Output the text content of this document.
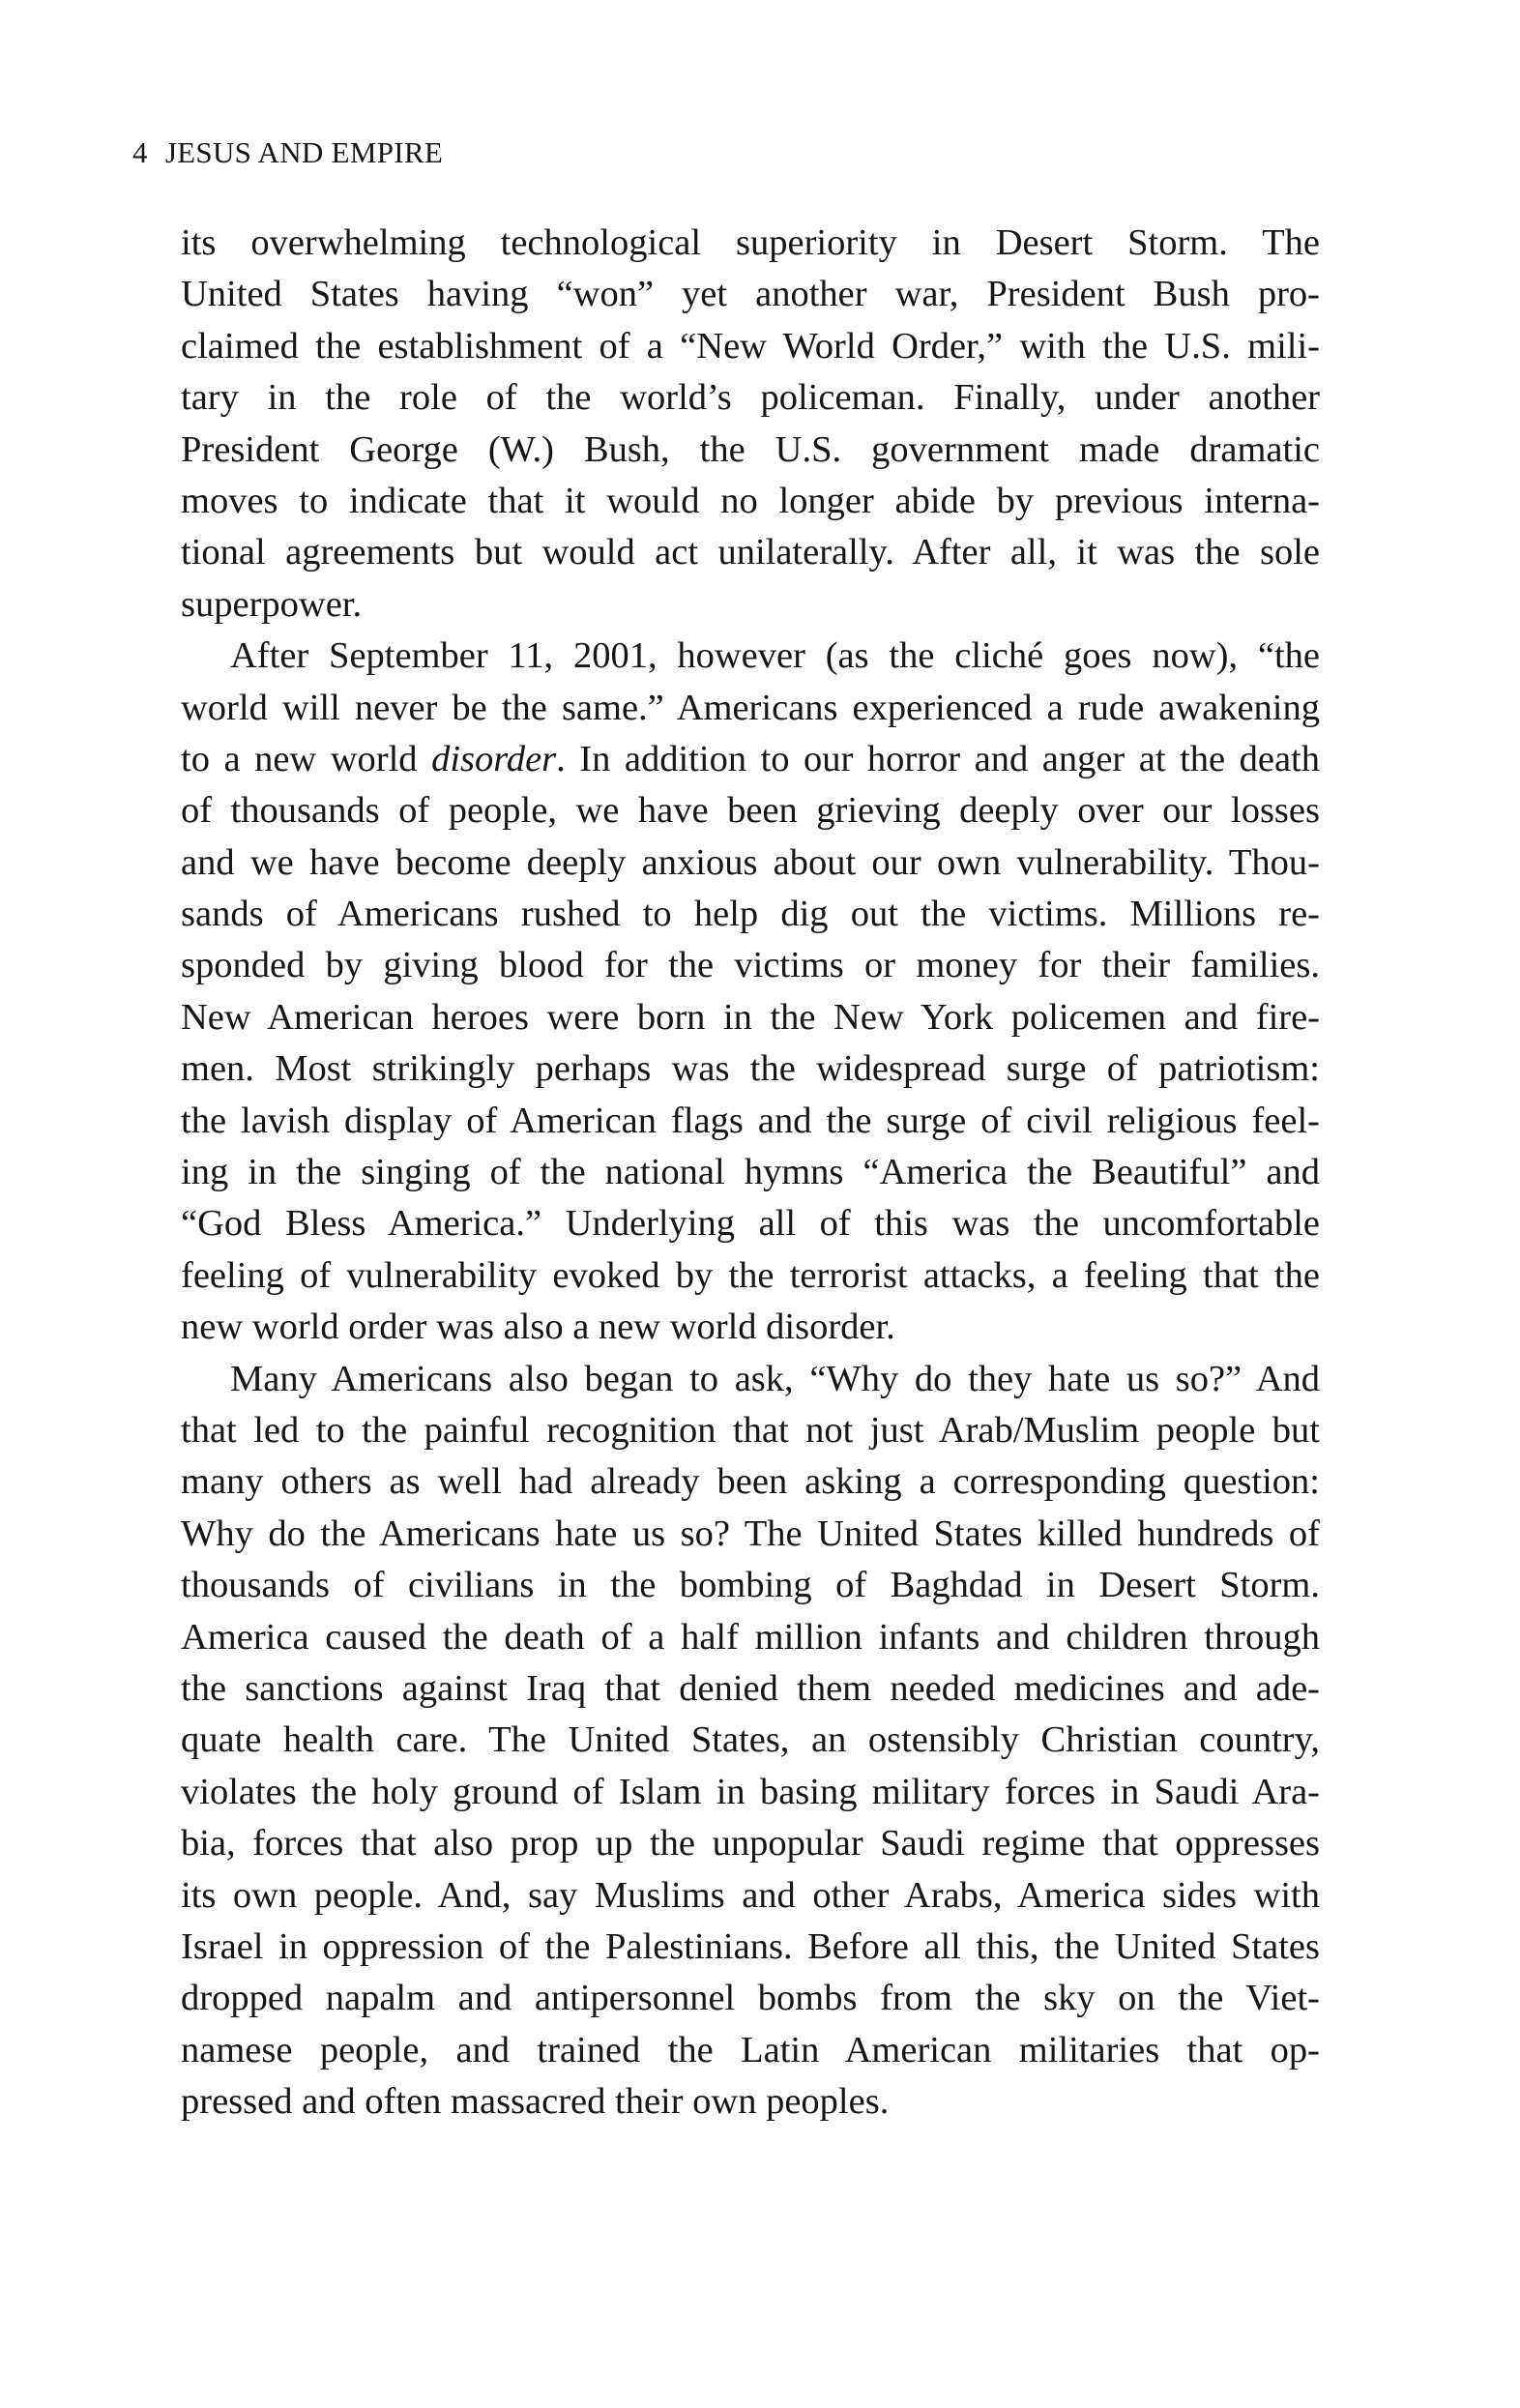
4 JESUS AND EMPIRE
its overwhelming technological superiority in Desert Storm. The
United States having “won” yet another war, President Bush pro-
claimed the establishment of a “New World Order,” with the U.S. mili-
tary in the role of the world’s policeman. Finally, under another
President George (W.) Bush, the U.S. government made dramatic
moves to indicate that it would no longer abide by previous interna-
tional agreements but would act unilaterally. After all, it was the sole
superpower.
After September 11, 2001, however (as the cliché goes now), “the
world will never be the same.” Americans experienced a rude awakening
to a new world disorder. In addition to our horror and anger at the death
of thousands of people, we have been grieving deeply over our losses
and we have become deeply anxious about our own vulnerability. Thou-
sands of Americans rushed to help dig out the victims. Millions re-
sponded by giving blood for the victims or money for their families.
New American heroes were born in the New York policemen and fire-
men. Most strikingly perhaps was the widespread surge of patriotism:
the lavish display of American flags and the surge of civil religious feel-
ing in the singing of the national hymns “America the Beautiful” and
“God Bless America.” Underlying all of this was the uncomfortable
feeling of vulnerability evoked by the terrorist attacks, a feeling that the
new world order was also a new world disorder.
Many Americans also began to ask, “Why do they hate us so?” And
that led to the painful recognition that not just Arab/Muslim people but
many others as well had already been asking a corresponding question:
Why do the Americans hate us so? The United States killed hundreds of
thousands of civilians in the bombing of Baghdad in Desert Storm.
America caused the death of a half million infants and children through
the sanctions against Iraq that denied them needed medicines and ade-
quate health care. The United States, an ostensibly Christian country,
violates the holy ground of Islam in basing military forces in Saudi Ara-
bia, forces that also prop up the unpopular Saudi regime that oppresses
its own people. And, say Muslims and other Arabs, America sides with
Israel in oppression of the Palestinians. Before all this, the United States
dropped napalm and antipersonnel bombs from the sky on the Viet-
namese people, and trained the Latin American militaries that op-
pressed and often massacred their own peoples.
